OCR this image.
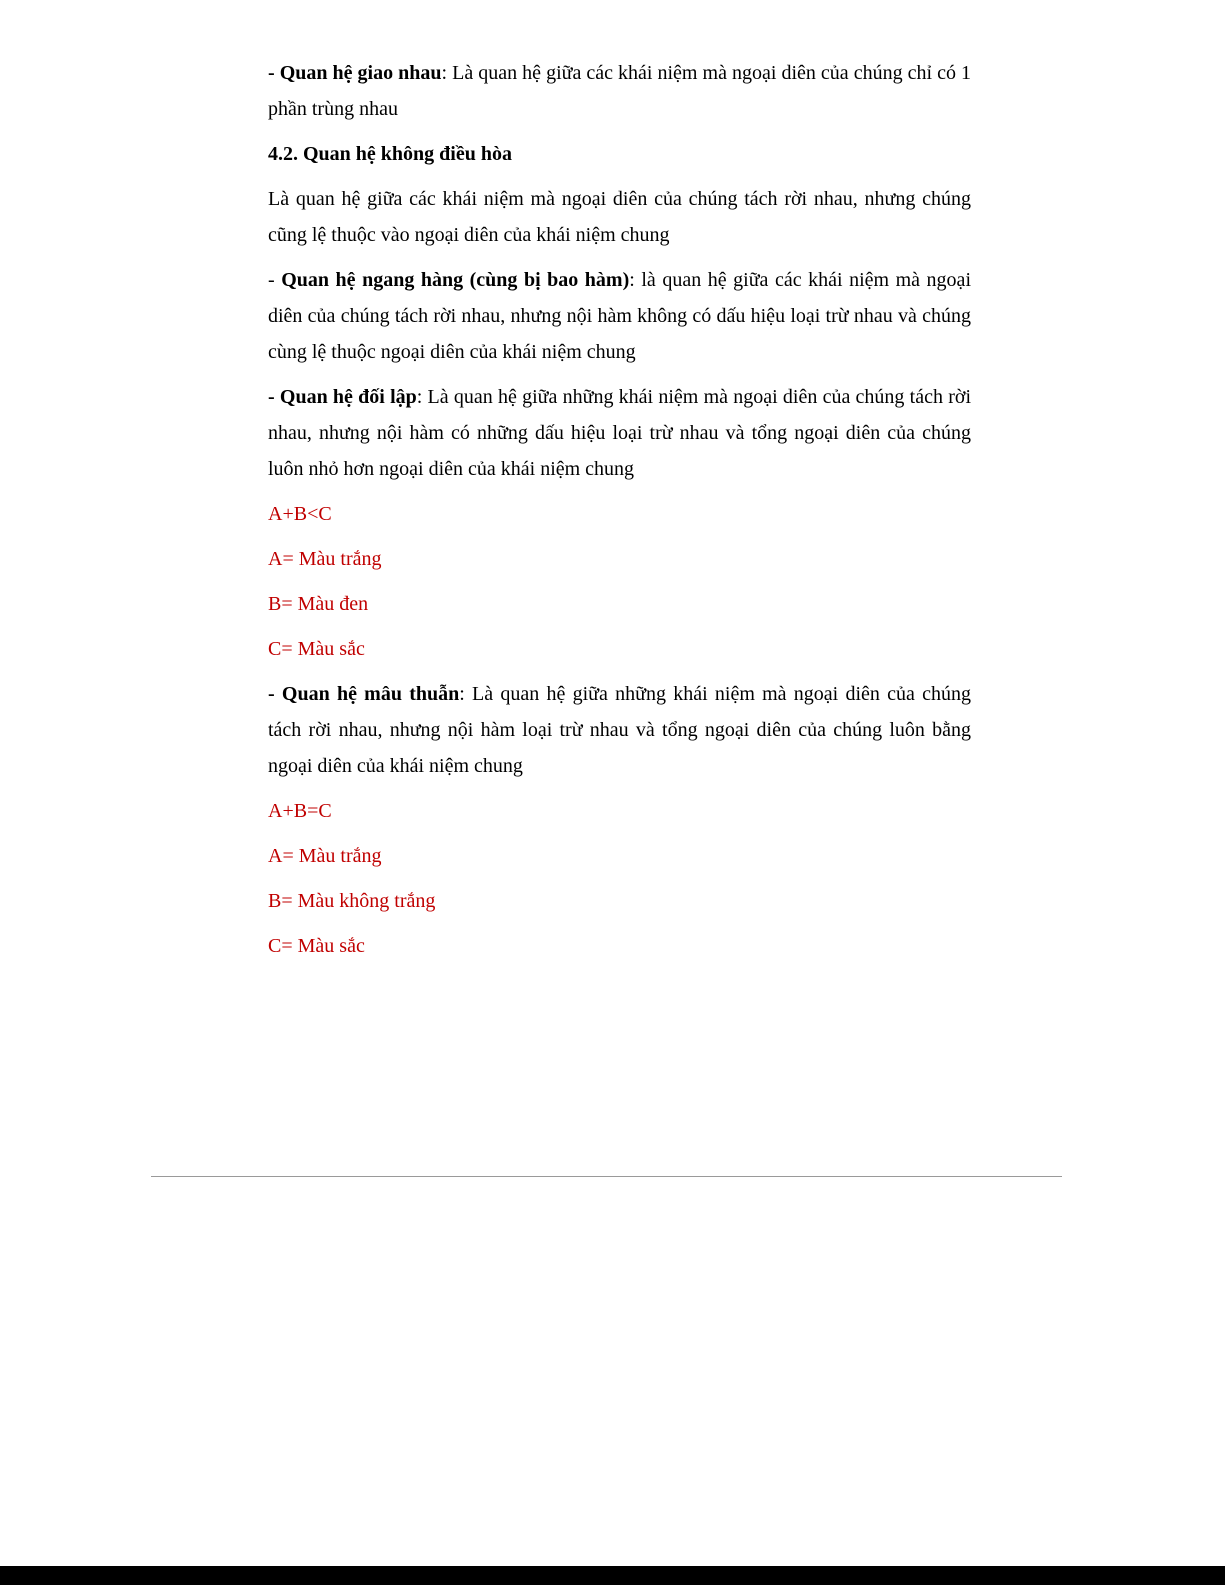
- Quan hệ giao nhau: Là quan hệ giữa các khái niệm mà ngoại diên của chúng chỉ có 1 phần trùng nhau

4.2. Quan hệ không điều hòa

Là quan hệ giữa các khái niệm mà ngoại diên của chúng tách rời nhau, nhưng chúng cũng lệ thuộc vào ngoại diên của khái niệm chung

- Quan hệ ngang hàng (cùng bị bao hàm): là quan hệ giữa các khái niệm mà ngoại diên của chúng tách rời nhau, nhưng nội hàm không có dấu hiệu loại trừ nhau và chúng cùng lệ thuộc ngoại diên của khái niệm chung

- Quan hệ đối lập: Là quan hệ giữa những khái niệm mà ngoại diên của chúng tách rời nhau, nhưng nội hàm có những dấu hiệu loại trừ nhau và tổng ngoại diên của chúng luôn nhỏ hơn ngoại diên của khái niệm chung

A+B<C

A= Màu trắng

B= Màu đen

C= Màu sắc

- Quan hệ mâu thuẫn: Là quan hệ giữa những khái niệm mà ngoại diên của chúng tách rời nhau, nhưng nội hàm loại trừ nhau và tổng ngoại diên của chúng luôn bằng ngoại diên của khái niệm chung

A+B=C

A= Màu trắng

B= Màu không trắng

C= Màu sắc
